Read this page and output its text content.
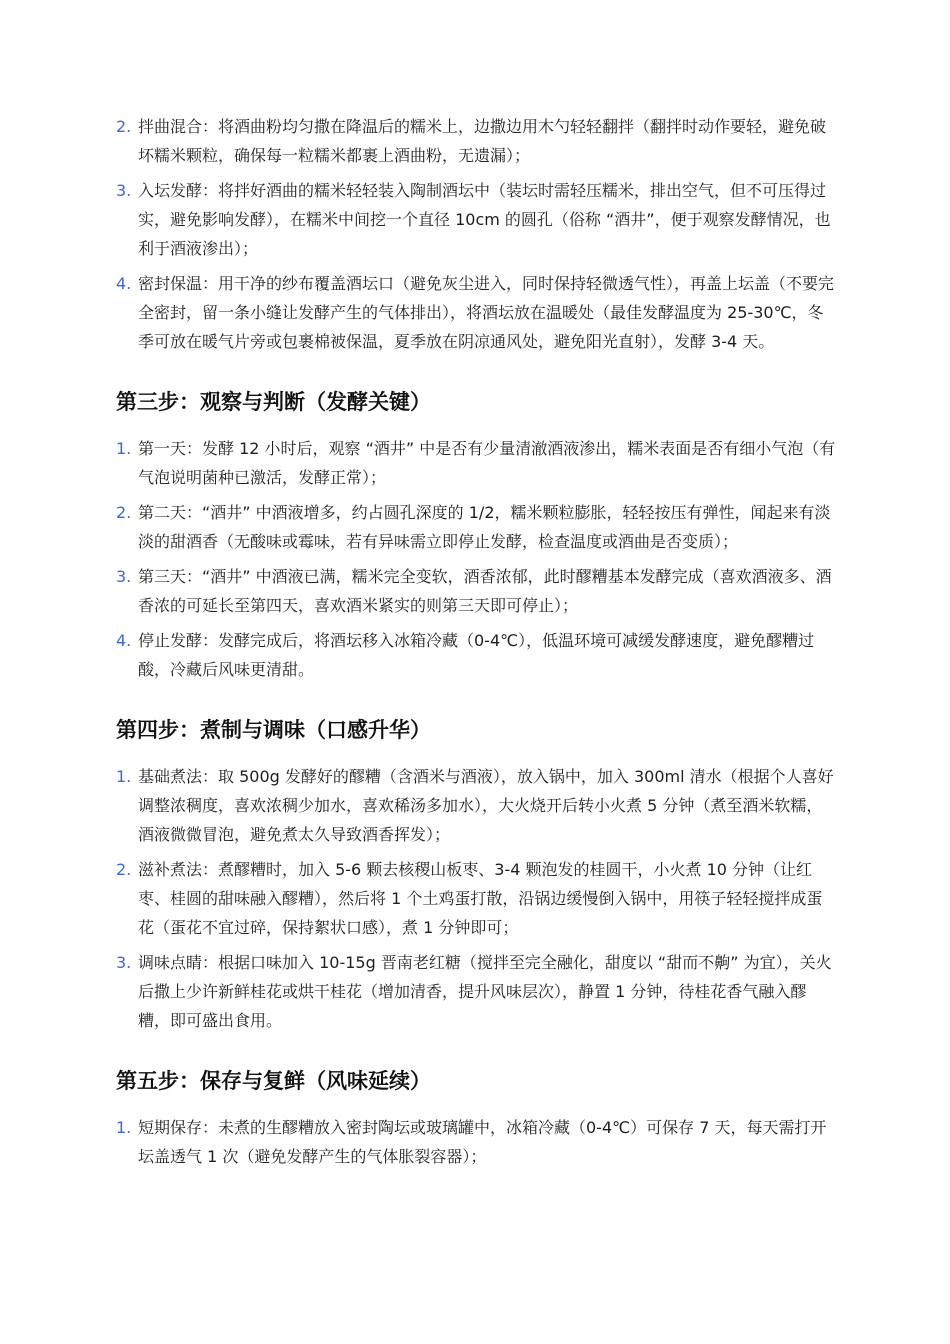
2. 拌曲混合：将酒曲粉均匀撒在降温后的糯米上，边撒边用木勺轻轻翻拌（翻拌时动作要轻，避免破坏糯米颗粒，确保每一粒糯米都裹上酒曲粉，无遗漏）；
3. 入坛发酵：将拌好酒曲的糯米轻轻装入陶制酒坛中（装坛时需轻压糯米，排出空气，但不可压得过实，避免影响发酵），在糯米中间挖一个直径 10cm 的圆孔（俗称 “酒井”，便于观察发酵情况，也利于酒液渗出）；
4. 密封保温：用干净的纱布覆盖酒坛口（避免灰尘进入，同时保持轻微透气性），再盖上坛盖（不要完全密封，留一条小缝让发酵产生的气体排出），将酒坛放在温暖处（最佳发酵温度为 25-30℃，冬季可放在暖气片旁或包裹棉被保温，夏季放在阴凉通风处，避免阳光直射），发酵 3-4 天。
第三步：观察与判断（发酵关键）
1. 第一天：发酵 12 小时后，观察 “酒井” 中是否有少量清澈酒液渗出，糯米表面是否有细小气泡（有气泡说明菌种已激活，发酵正常）；
2. 第二天：“酒井” 中酒液增多，约占圆孔深度的 1/2，糯米颗粒膨胀，轻轻按压有弹性，闻起来有淡淡的甜酒香（无酸味或霉味，若有异味需立即停止发酵，检查温度或酒曲是否变质）；
3. 第三天：“酒井” 中酒液已满，糯米完全变软，酒香浓郁，此时醪糟基本发酵完成（喜欢酒液多、酒香浓的可延长至第四天，喜欢酒米紧实的则第三天即可停止）；
4. 停止发酵：发酵完成后，将酒坛移入冰箱冷藏（0-4℃），低温环境可减缓发酵速度，避免醪糟过酸，冷藏后风味更清甜。
第四步：煮制与调味（口感升华）
1. 基础煮法：取 500g 发酵好的醪糟（含酒米与酒液），放入锅中，加入 300ml 清水（根据个人喜好调整浓稠度，喜欢浓稠少加水，喜欢稀汤多加水），大火烧开后转小火煮 5 分钟（煮至酒米软糯，酒液微微冒泡，避免煮太久导致酒香挥发）；
2. 滋补煮法：煮醪糟时，加入 5-6 颗去核稷山板枣、3-4 颗泡发的桂圆干，小火煮 10 分钟（让红枣、桂圆的甜味融入醪糟），然后将 1 个土鸡蛋打散，沿锅边缓慢倒入锅中，用筷子轻轻搅拌成蛋花（蛋花不宜过碎，保持絮状口感），煮 1 分钟即可；
3. 调味点睛：根据口味加入 10-15g 晋南老红糖（搅拌至完全融化，甜度以 “甜而不齁” 为宜），关火后撒上少许新鲜桂花或烘干桂花（增加清香，提升风味层次），静置 1 分钟，待桂花香气融入醪糟，即可盛出食用。
第五步：保存与复鲜（风味延续）
1. 短期保存：未煮的生醪糟放入密封陶坛或玻璃罐中，冰箱冷藏（0-4℃）可保存 7 天，每天需打开坛盖透气 1 次（避免发酵产生的气体胀裂容器）；
